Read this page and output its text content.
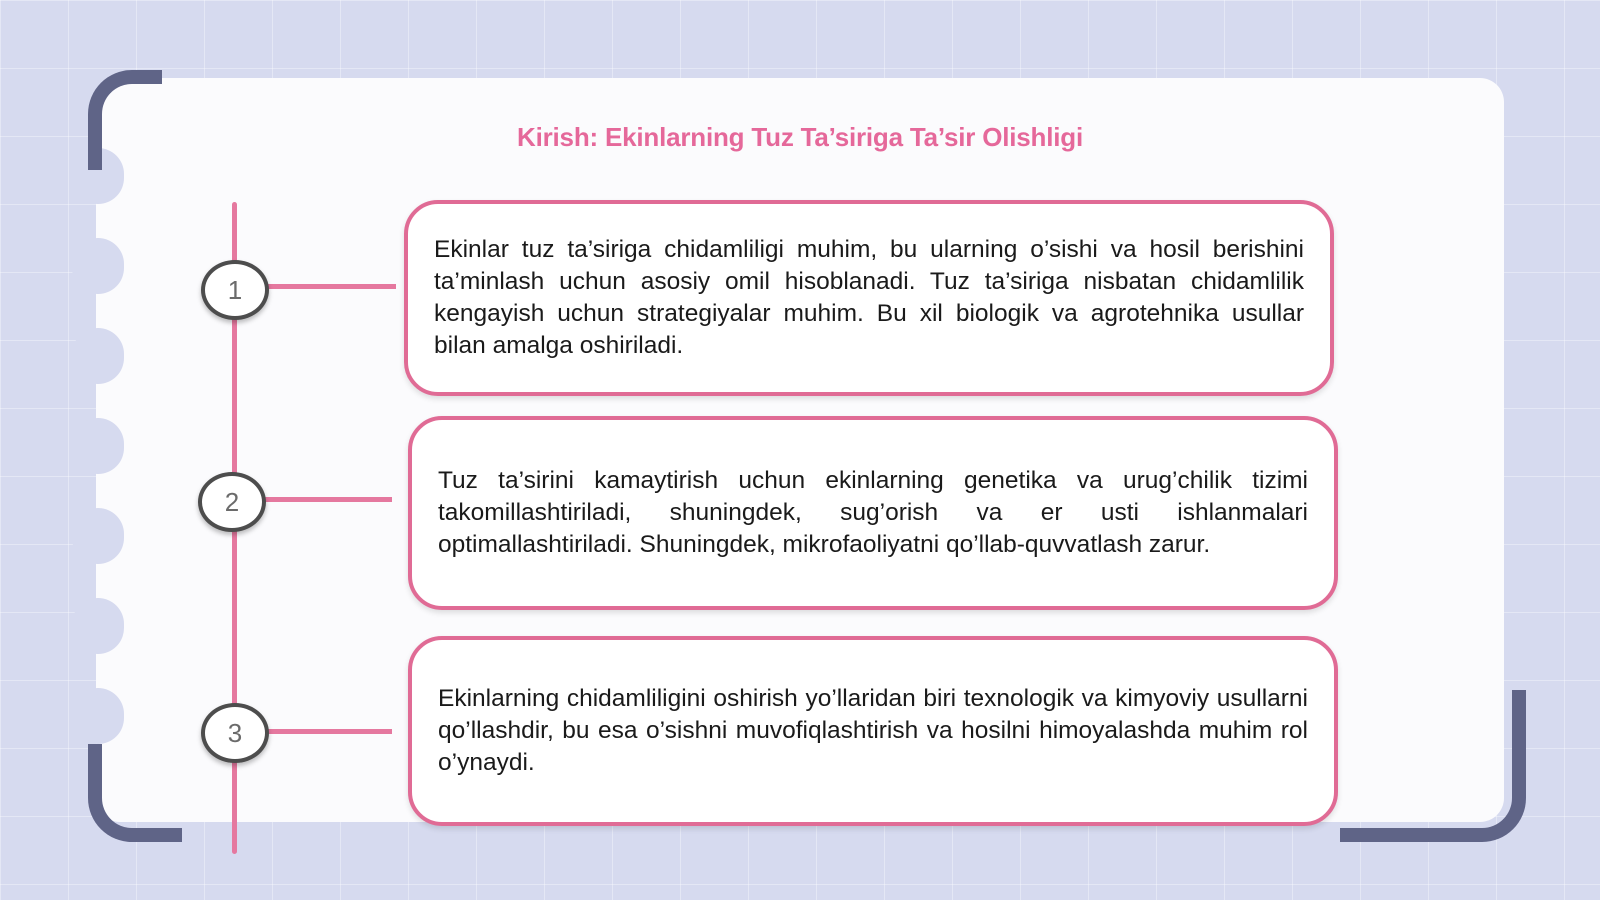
Kirish: Ekinlarning Tuz Ta’siriga Ta’sir Olishligi
1
2
3

Ekinlar tuz ta’siriga chidamliligi muhim, bu ularning o’sishi va hosil berishini ta’minlash uchun asosiy omil hisoblanadi. Tuz ta’siriga nisbatan chidamlilik kengayish uchun strategiyalar muhim. Bu xil biologik va agrotehnika usullar bilan amalga oshiriladi.

Tuz ta’sirini kamaytirish uchun ekinlarning genetika va urug’chilik tizimi takomillashtiriladi, shuningdek, sug’orish va er usti ishlanmalari optimallashtiriladi. Shuningdek, mikrofaoliyatni qo’llab-quvvatlash zarur.

Ekinlarning chidamliligini oshirish yo’llaridan biri texnologik va kimyoviy usullarni qo’llashdir, bu esa o’sishni muvofiqlashtirish va hosilni himoyalashda muhim rol o’ynaydi.
